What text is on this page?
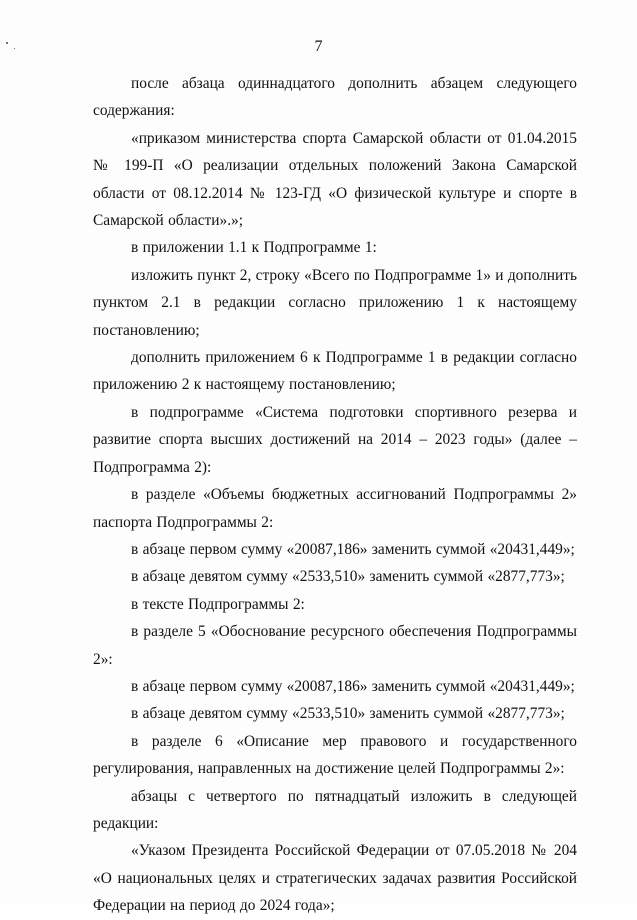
7

после абзаца одиннадцатого дополнить абзацем следующего содержания:

«приказом министерства спорта Самарской области от 01.04.2015 № 199-П «О реализации отдельных положений Закона Самарской области от 08.12.2014 № 123-ГД «О физической культуре и спорте в Самарской области».»;

в приложении 1.1 к Подпрограмме 1:

изложить пункт 2, строку «Всего по Подпрограмме 1» и дополнить пунктом 2.1 в редакции согласно приложению 1 к настоящему постановлению;

дополнить приложением 6 к Подпрограмме 1 в редакции согласно приложению 2 к настоящему постановлению;

в подпрограмме «Система подготовки спортивного резерва и развитие спорта высших достижений на 2014 – 2023 годы» (далее – Подпрограмма 2):

в разделе «Объемы бюджетных ассигнований Подпрограммы 2» паспорта Подпрограммы 2:

в абзаце первом сумму «20087,186» заменить суммой «20431,449»;

в абзаце девятом сумму «2533,510» заменить суммой «2877,773»;

в тексте Подпрограммы 2:

в разделе 5 «Обоснование ресурсного обеспечения Подпрограммы 2»:

в абзаце первом сумму «20087,186» заменить суммой «20431,449»;

в абзаце девятом сумму «2533,510» заменить суммой «2877,773»;

в разделе 6 «Описание мер правового и государственного регулирования, направленных на достижение целей Подпрограммы 2»:

абзацы с четвертого по пятнадцатый изложить в следующей редакции:

«Указом Президента Российской Федерации от 07.05.2018 № 204 «О национальных целях и стратегических задачах развития Российской Федерации на период до 2024 года»;
